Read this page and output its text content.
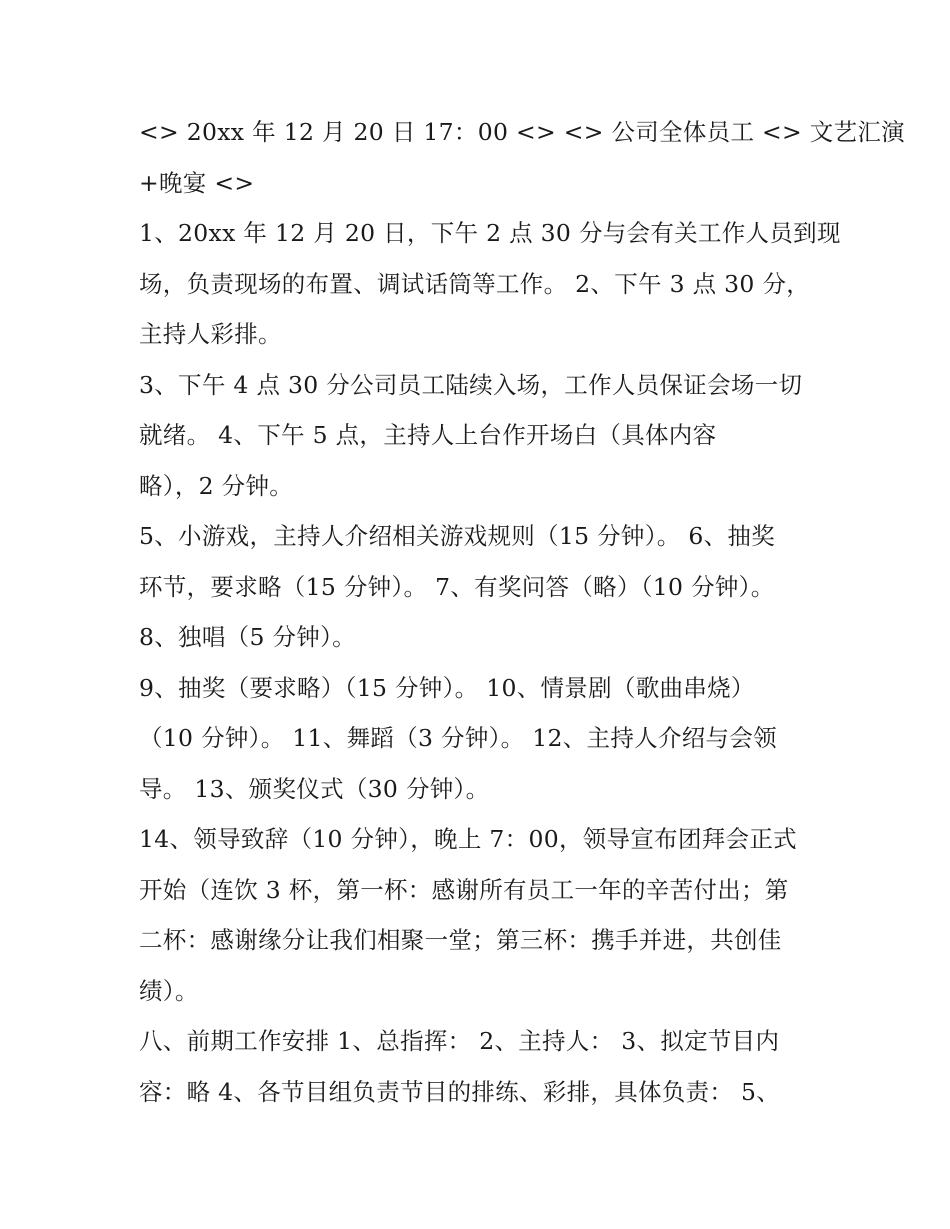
<> 20xx 年 12 月 20 日 17：00 <> <> 公司全体员工 <> 文艺汇演
+晚宴 <>
1、20xx 年 12 月 20 日，下午 2 点 30 分与会有关工作人员到现
场，负责现场的布置、调试话筒等工作。 2、下午 3 点 30 分，
主持人彩排。
3、下午 4 点 30 分公司员工陆续入场，工作人员保证会场一切
就绪。 4、下午 5 点，主持人上台作开场白（具体内容
略），2 分钟。
5、小游戏，主持人介绍相关游戏规则（15 分钟）。 6、抽奖
环节，要求略（15 分钟）。 7、有奖问答（略）（10 分钟）。
8、独唱（5 分钟）。
9、抽奖（要求略）（15 分钟）。 10、情景剧（歌曲串烧）
（10 分钟）。 11、舞蹈（3 分钟）。 12、主持人介绍与会领
导。 13、颁奖仪式（30 分钟）。
14、领导致辞（10 分钟），晚上 7：00，领导宣布团拜会正式
开始（连饮 3 杯，第一杯：感谢所有员工一年的辛苦付出；第
二杯：感谢缘分让我们相聚一堂；第三杯：携手并进，共创佳
绩）。
八、前期工作安排 1、总指挥： 2、主持人： 3、拟定节目内
容：略 4、各节目组负责节目的排练、彩排，具体负责： 5、
